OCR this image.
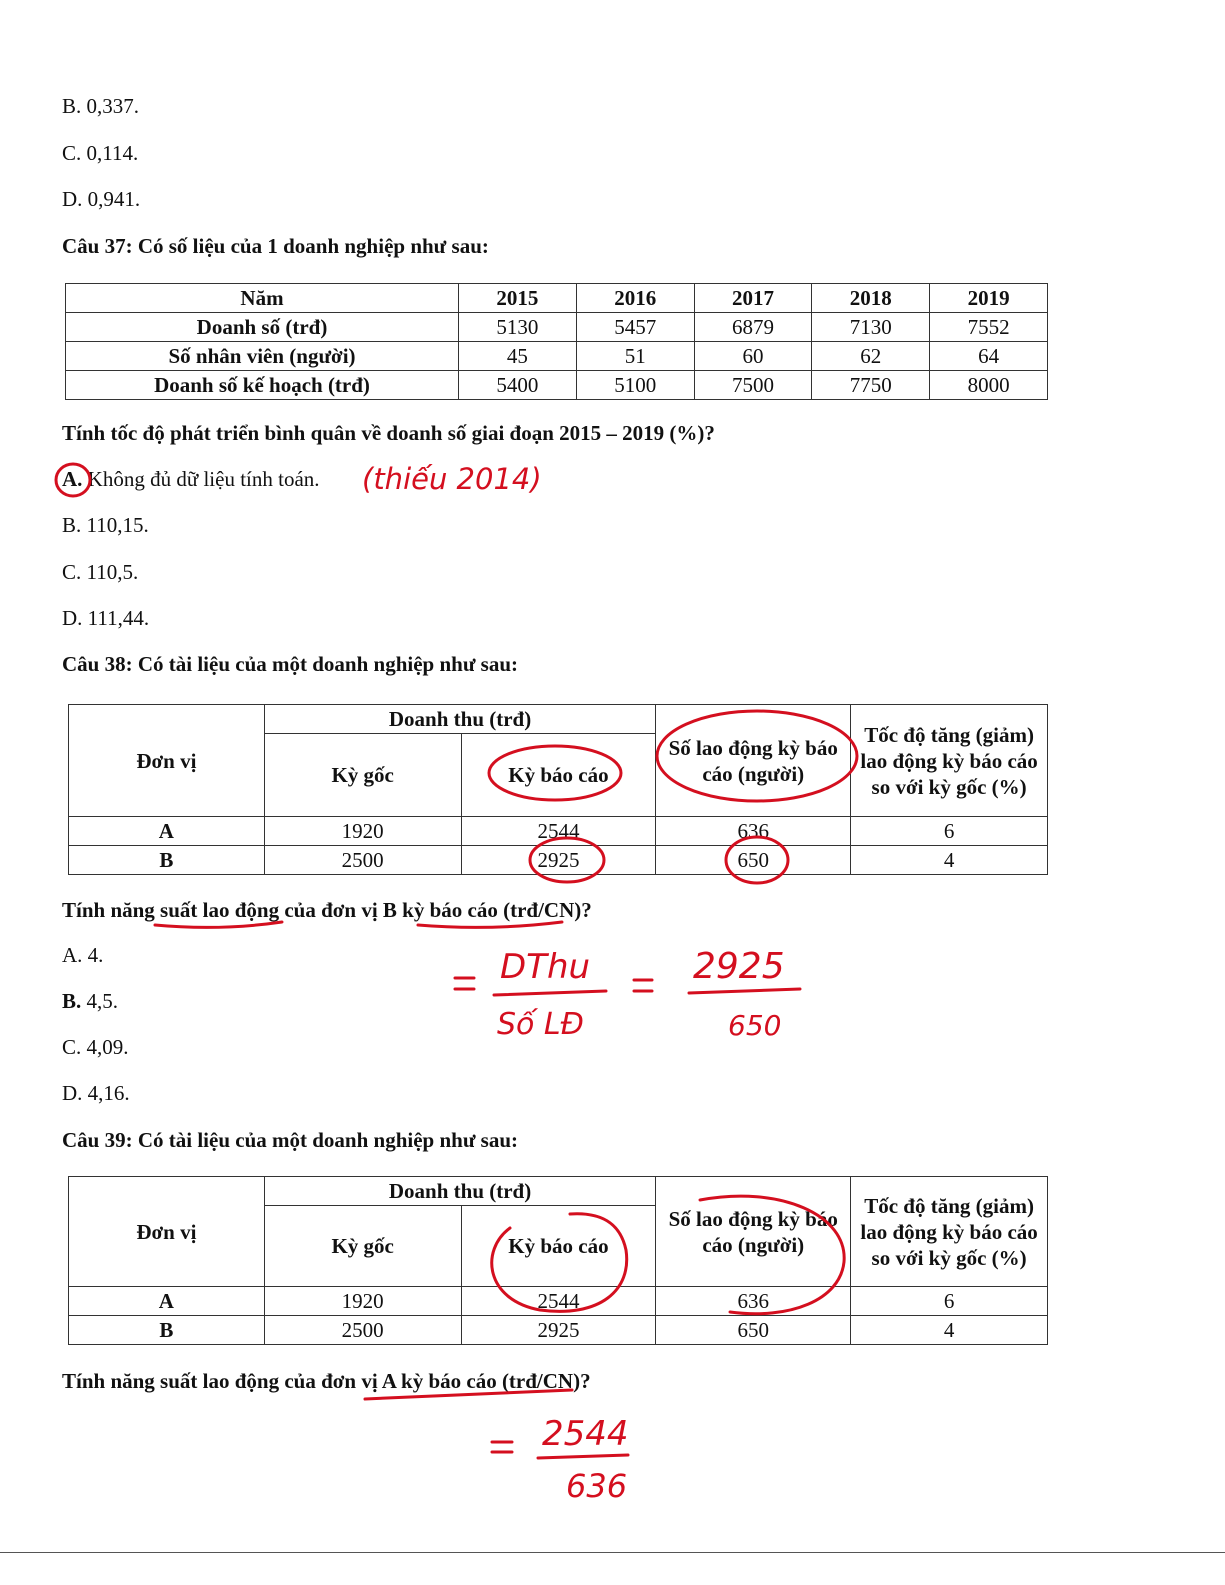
B. 0,337.
C. 0,114.
D. 0,941.
Câu 37: Có số liệu của 1 doanh nghiệp như sau:
Năm	2015	2016	2017	2018	2019
Doanh số (trđ)	5130	5457	6879	7130	7552
Số nhân viên (người)	45	51	60	62	64
Doanh số kế hoạch (trđ)	5400	5100	7500	7750	8000
Tính tốc độ phát triển bình quân về doanh số giai đoạn 2015 – 2019 (%)?
A. Không đủ dữ liệu tính toán.
B. 110,15.
C. 110,5.
D. 111,44.
Câu 38: Có tài liệu của một doanh nghiệp như sau:
Đơn vị	Doanh thu (trđ)		Số lao động kỳ báo cáo (người)	Tốc độ tăng (giảm) lao động kỳ báo cáo so với kỳ gốc (%)
	Kỳ gốc	Kỳ báo cáo		
A	1920	2544	636	6
B	2500	2925	650	4
Tính năng suất lao động của đơn vị B kỳ báo cáo (trđ/CN)?
A. 4.
B. 4,5.
C. 4,09.
D. 4,16.
Câu 39: Có tài liệu của một doanh nghiệp như sau:
Đơn vị	Doanh thu (trđ)		Số lao động kỳ báo cáo (người)	Tốc độ tăng (giảm) lao động kỳ báo cáo so với kỳ gốc (%)
	Kỳ gốc	Kỳ báo cáo		
A	1920	2544	636	6
B	2500	2925	650	4
Tính năng suất lao động của đơn vị A kỳ báo cáo (trđ/CN)?
(thiếu 2014)
DThu
Số LĐ
2925
650
2544
636
